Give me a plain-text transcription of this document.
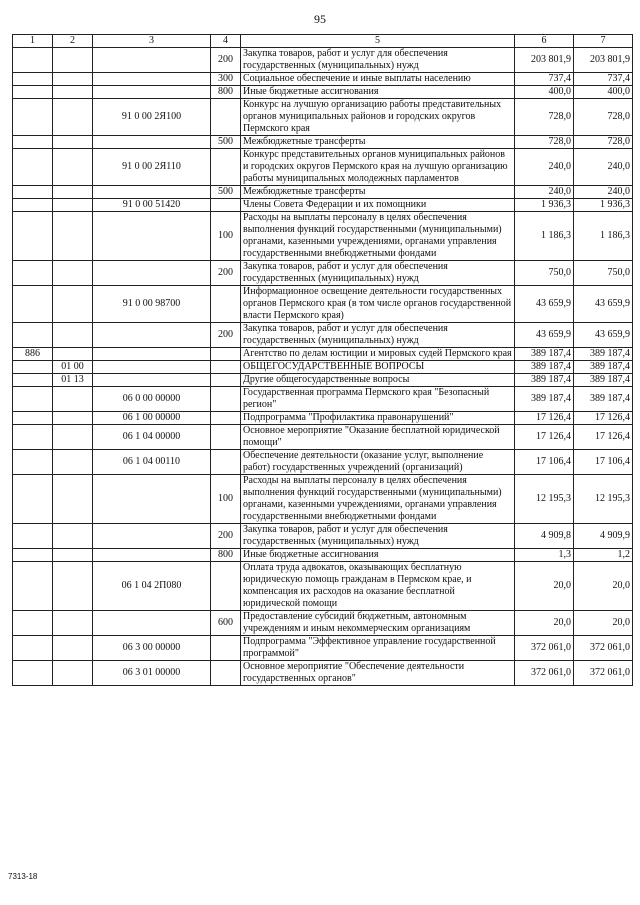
95
1	2	3	4	5	6	7
			200	Закупка товаров, работ и услуг для обеспечения государственных (муниципальных) нужд	203 801,9	203 801,9
			300	Социальное обеспечение и иные выплаты населению	737,4	737,4
			800	Иные бюджетные ассигнования	400,0	400,0
		91 0 00 2Я100		Конкурс на лучшую организацию работы представительных органов муниципальных районов и городских округов Пермского края	728,0	728,0
			500	Межбюджетные трансферты	728,0	728,0
		91 0 00 2Я110		Конкурс представительных органов муниципальных районов и городских округов Пермского края на лучшую организацию работы муниципальных молодежных парламентов	240,0	240,0
			500	Межбюджетные трансферты	240,0	240,0
		91 0 00 51420		Члены Совета Федерации и их помощники	1 936,3	1 936,3
			100	Расходы на выплаты персоналу в целях обеспечения выполнения функций государственными (муниципальными) органами, казенными учреждениями, органами управления государственными внебюджетными фондами	1 186,3	1 186,3
			200	Закупка товаров, работ и услуг для обеспечения государственных (муниципальных) нужд	750,0	750,0
		91 0 00 98700		Информационное освещение деятельности государственных органов Пермского края (в том числе органов государственной власти Пермского края)	43 659,9	43 659,9
			200	Закупка товаров, работ и услуг для обеспечения государственных (муниципальных) нужд	43 659,9	43 659,9
886				Агентство по делам юстиции и мировых судей Пермского края	389 187,4	389 187,4
	01 00			ОБЩЕГОСУДАРСТВЕННЫЕ ВОПРОСЫ	389 187,4	389 187,4
	01 13			Другие общегосударственные вопросы	389 187,4	389 187,4
		06 0 00 00000		Государственная программа Пермского края "Безопасный регион"	389 187,4	389 187,4
		06 1 00 00000		Подпрограмма "Профилактика правонарушений"	17 126,4	17 126,4
		06 1 04 00000		Основное мероприятие "Оказание бесплатной юридической помощи"	17 126,4	17 126,4
		06 1 04 00110		Обеспечение деятельности (оказание услуг, выполнение работ) государственных учреждений (организаций)	17 106,4	17 106,4
			100	Расходы на выплаты персоналу в целях обеспечения выполнения функций государственными (муниципальными) органами, казенными учреждениями, органами управления государственными внебюджетными фондами	12 195,3	12 195,3
			200	Закупка товаров, работ и услуг для обеспечения государственных (муниципальных) нужд	4 909,8	4 909,9
			800	Иные бюджетные ассигнования	1,3	1,2
		06 1 04 2П080		Оплата труда адвокатов, оказывающих бесплатную юридическую помощь гражданам в Пермском крае, и компенсация их расходов на оказание бесплатной юридической помощи	20,0	20,0
			600	Предоставление субсидий бюджетным, автономным учреждениям и иным некоммерческим организациям	20,0	20,0
		06 3 00 00000		Подпрограмма "Эффективное управление государственной программой"	372 061,0	372 061,0
		06 3 01 00000		Основное мероприятие "Обеспечение деятельности государственных органов"	372 061,0	372 061,0
7313-18
